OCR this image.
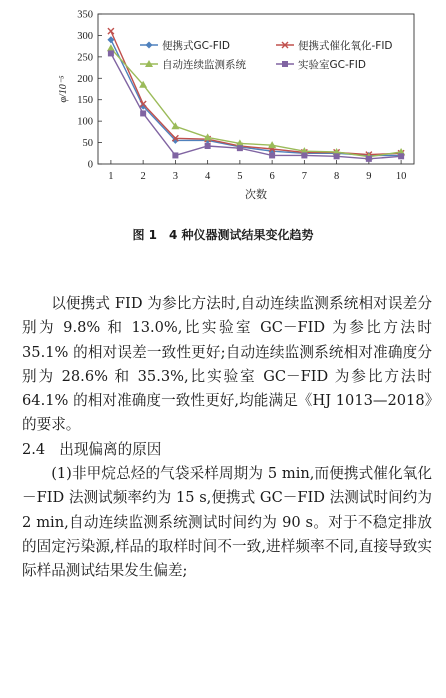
0
50
100
150
200
250
300
350
1	2	3	4	5	6	7	8	9 10
次数
φ/10⁻⁵
便携式GC-FID	便携式催化氧化-FID
自动连续监测系统	实验室GC-FID
图 1　4 种仪器测试结果变化趋势

以便携式 FID 为参比方法时,自动连续监测系统相对误差分别为 9.8% 和 13.0%,比实验室 GC－FID 为参比方法时 35.1% 的相对误差一致性更好;自动连续监测系统相对准确度分别为 28.6% 和 35.3%,比实验室 GC－FID 为参比方法时 64.1% 的相对准确度一致性更好,均能满足《HJ 1013—2018》的要求。

2.4 出现偏离的原因

(1)非甲烷总烃的气袋采样周期为 5 min,而便携式催化氧化－FID 法测试频率约为 15 s,便携式 GC－FID 法测试时间约为 2 min,自动连续监测系统测试时间约为 90 s。对于不稳定排放的固定污染源,样品的取样时间不一致,进样频率不同,直接导致实际样品测试结果发生偏差;
